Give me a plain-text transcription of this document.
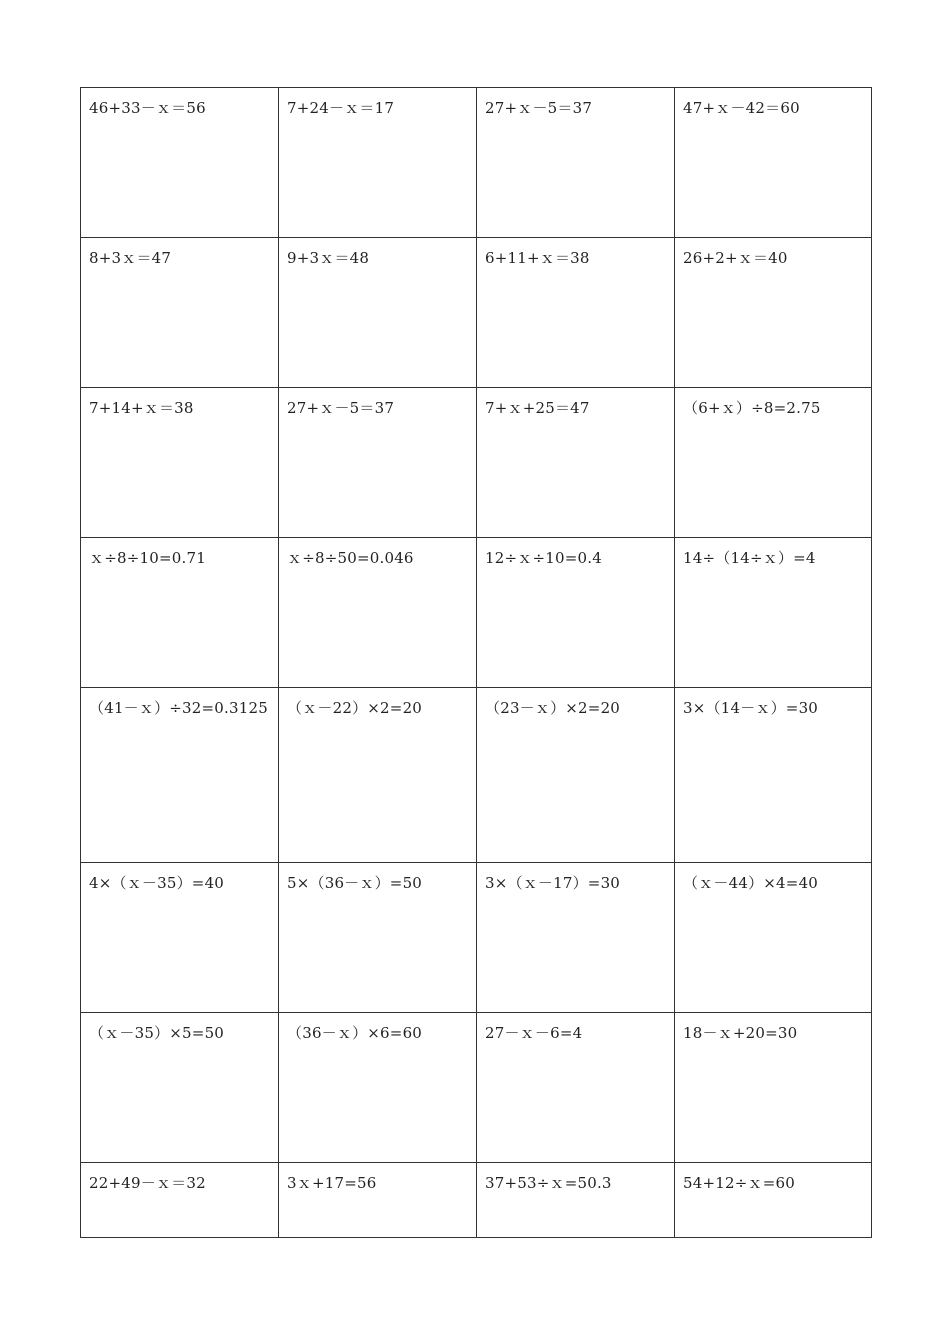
46+33－ｘ＝56	7+24－ｘ＝17	27+ｘ－5＝37	47+ｘ－42＝60
8+3ｘ＝47	9+3ｘ＝48	6+11+ｘ＝38	26+2+ｘ＝40
7+14+ｘ＝38	27+ｘ－5＝37	7+ｘ+25＝47	（6+ｘ）÷8=2.75
ｘ÷8÷10=0.71	ｘ÷8÷50=0.046	12÷ｘ÷10=0.4	14÷（14÷ｘ）=4
（41－ｘ）÷32=0.3125	（ｘ－22）×2=20	（23－ｘ）×2=20	3×（14－ｘ）=30
4×（ｘ－35）=40	5×（36－ｘ）=50	3×（ｘ－17）=30	（ｘ－44）×4=40
（ｘ－35）×5=50	（36－ｘ）×6=60	27－ｘ－6=4	18－ｘ+20=30
22+49－ｘ＝32	3ｘ+17=56	37+53÷ｘ=50.3	54+12÷ｘ=60
